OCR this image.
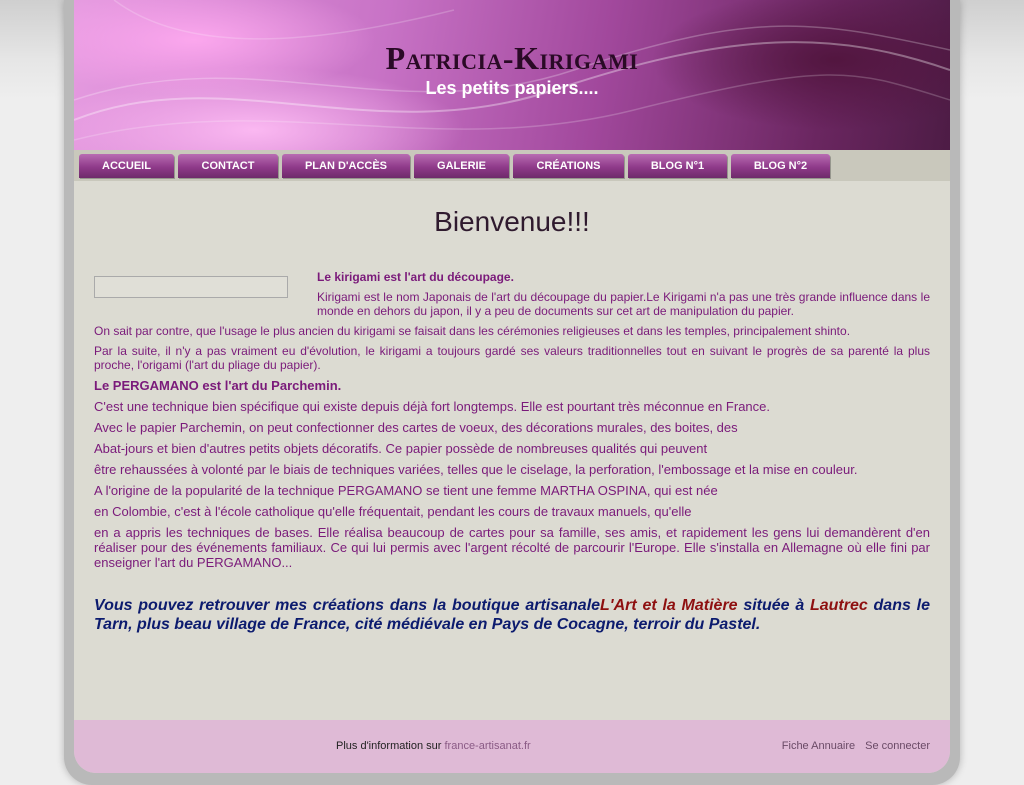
Patricia-Kirigami
Les petits papiers....
ACCUEIL	CONTACT	PLAN D'ACCÈS	GALERIE	CRÉATIONS	BLOG N°1	BLOG N°2
Bienvenue!!!
Le kirigami est l'art du découpage.
Kirigami est le nom Japonais de l'art du découpage du papier.Le Kirigami n'a pas une très grande influence dans le monde en dehors du japon, il y a peu de documents sur cet art de manipulation du papier.
On sait par contre, que l'usage le plus ancien du kirigami se faisait dans les cérémonies religieuses et dans les temples, principalement shinto.
Par la suite, il n'y a pas vraiment eu d'évolution, le kirigami a toujours gardé ses valeurs traditionnelles tout en suivant le progrès de sa parenté la plus proche, l'origami (l'art du pliage du papier).
Le PERGAMANO est l'art du Parchemin.
C'est une technique bien spécifique qui existe depuis déjà fort longtemps. Elle est pourtant très méconnue en France.
Avec le papier Parchemin, on peut confectionner des cartes de voeux, des décorations murales, des boites, des
Abat-jours et bien d'autres petits objets décoratifs. Ce papier possède de nombreuses qualités qui peuvent
être rehaussées à volonté par le biais de techniques variées, telles que le ciselage, la perforation, l'embossage et la mise en couleur.
A l'origine de la popularité de la technique PERGAMANO se tient une femme MARTHA OSPINA, qui est née
en Colombie, c'est à l'école catholique qu'elle fréquentait, pendant les cours de travaux manuels, qu'elle
en a appris les techniques de bases. Elle réalisa beaucoup de cartes pour sa famille, ses amis, et rapidement les gens lui demandèrent d'en réaliser pour des événements familiaux. Ce qui lui permis avec l'argent récolté de parcourir l'Europe. Elle s'installa en Allemagne où elle fini par enseigner l'art du PERGAMANO...
Vous pouvez retrouver mes créations dans la boutique artisanaleL'Art et la Matière située à Lautrec dans le Tarn, plus beau village de France, cité médiévale en Pays de Cocagne, terroir du Pastel.
Plus d'information sur france-artisanat.fr	Fiche Annuaire Se connecter
